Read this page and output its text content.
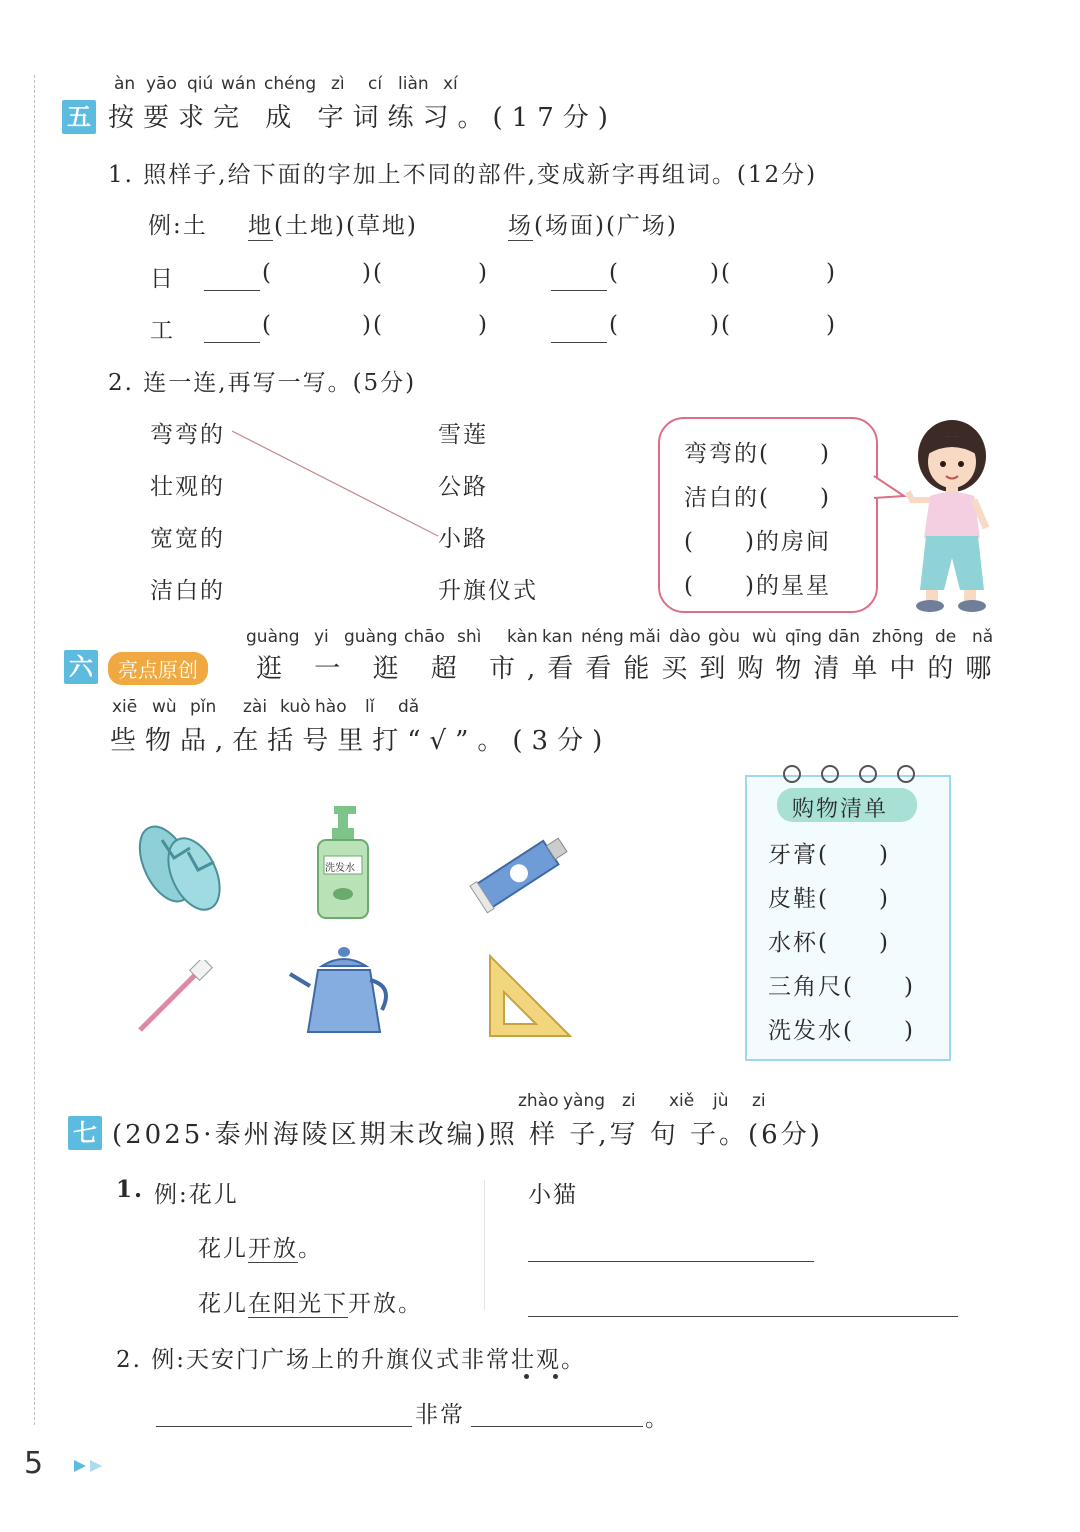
àn yāo qiú wán chéng zì cí liàn xí
五 按要求完 成 字词练习。(17分)
1. 照样子,给下面的字加上不同的部件,变成新字再组词。(12分)
例:土 地 (土地)(草地)	场 (场面)(广场)
日	(	)(	)	(	)(	)
工	(	)(	)	(	)(	)
2. 连一连,再写一写。(5分)
弯弯的
壮观的
宽宽的
洁白的
雪莲
公路
小路
升旗仪式
弯弯的(　　)
洁白的(　　)
(　　)的房间
(　　)的星星
guàng yi guàng chāo shì kàn kan néng mǎi dào gòu wù qīng dān zhōng de nǎ
六	亮点原创	逛 一 逛 超 市,看看能买到购物清单中的哪
xiē wù pǐn zài kuò hào lǐ dǎ
些物品,在括号里打“√”。(3分)
洗发水
购物清单
牙膏(　　)
皮鞋(　　)
水杯(　　)
三角尺(　　)
洗发水(　　)
zhào yàng zi xiě jù zi
七 (2025·泰州海陵区期末改编)照 样 子,写 句 子。(6分)
1. 例:花儿
花儿开放。
花儿在阳光下开放。
小猫
2. 例:天安门广场上的升旗仪式非常壮观。
非常	。
5
